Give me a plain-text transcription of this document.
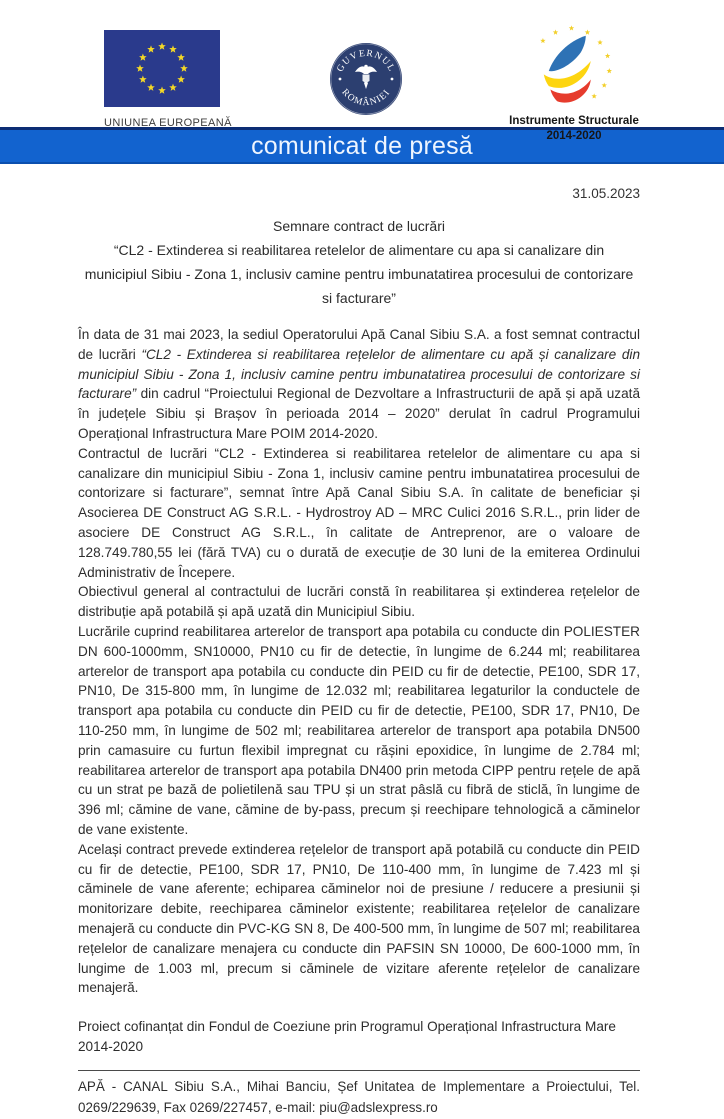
UNIUNEA EUROPEANĂ
GUVERNUL
ROMÂNIEI
Instrumente Structurale
2014-2020
comunicat de presă
31.05.2023
Semnare contract de lucrări
“CL2 - Extinderea si reabilitarea retelelor de alimentare cu apa si canalizare din municipiul Sibiu - Zona 1, inclusiv camine pentru imbunatatirea procesului de contorizare si facturare”

În data de 31 mai 2023, la sediul Operatorului Apă Canal Sibiu S.A. a fost semnat contractul de lucrări “CL2 - Extinderea si reabilitarea rețelelor de alimentare cu apă și canalizare din municipiul Sibiu - Zona 1, inclusiv camine pentru imbunatatirea procesului de contorizare si facturare” din cadrul “Proiectului Regional de Dezvoltare a Infrastructurii de apă și apă uzată în județele Sibiu și Brașov în perioada 2014 – 2020” derulat în cadrul Programului Operațional Infrastructura Mare POIM 2014-2020.

Contractul de lucrări “CL2 - Extinderea si reabilitarea retelelor de alimentare cu apa si canalizare din municipiul Sibiu - Zona 1, inclusiv camine pentru imbunatatirea procesului de contorizare si facturare”, semnat între Apă Canal Sibiu S.A. în calitate de beneficiar și Asocierea DE Construct AG S.R.L. - Hydrostroy AD – MRC Culici 2016 S.R.L., prin lider de asociere DE Construct AG S.R.L., în calitate de Antreprenor, are o valoare de 128.749.780,55 lei (fără TVA) cu o durată de execuție de 30 luni de la emiterea Ordinului Administrativ de Începere.

Obiectivul general al contractului de lucrări constă în reabilitarea și extinderea rețelelor de distribuție apă potabilă și apă uzată din Municipiul Sibiu.

Lucrările cuprind reabilitarea arterelor de transport apa potabila cu conducte din POLIESTER DN 600-1000mm, SN10000, PN10 cu fir de detectie, în lungime de 6.244 ml; reabilitarea arterelor de transport apa potabila cu conducte din PEID cu fir de detectie, PE100, SDR 17, PN10, De 315-800 mm, în lungime de 12.032 ml; reabilitarea legaturilor la conductele de transport apa potabila cu conducte din PEID cu fir de detectie, PE100, SDR 17, PN10, De 110-250 mm, în lungime de 502 ml; reabilitarea arterelor de transport apa potabila DN500 prin camasuire cu furtun flexibil impregnat cu rășini epoxidice, în lungime de 2.784 ml; reabilitarea arterelor de transport apa potabila DN400 prin metoda CIPP pentru rețele de apă cu un strat pe bază de polietilenă sau TPU și un strat pâslă cu fibră de sticlă, în lungime de 396 ml; cămine de vane, cămine de by-pass, precum și reechipare tehnologică a căminelor de vane existente.

Același contract prevede extinderea rețelelor de transport apă potabilă cu conducte din PEID cu fir de detectie, PE100, SDR 17, PN10, De 110-400 mm, în lungime de 7.423 ml și căminele de vane aferente; echiparea căminelor noi de presiune / reducere a presiunii și monitorizare debite, reechiparea căminelor existente; reabilitarea rețelelor de canalizare menajeră cu conducte din PVC-KG SN 8, De 400-500 mm, în lungime de 507 ml; reabilitarea rețelelor de canalizare menajera cu conducte din PAFSIN SN 10000, De 600-1000 mm, în lungime de 1.003 ml, precum si căminele de vizitare aferente rețelelor de canalizare menajeră.

Proiect cofinanțat din Fondul de Coeziune prin Programul Operațional Infrastructura Mare 2014-2020
APĂ - CANAL Sibiu S.A., Mihai Banciu, Șef Unitatea de Implementare a Proiectului, Tel. 0269/229639, Fax 0269/227457, e-mail: piu@adslexpress.ro
